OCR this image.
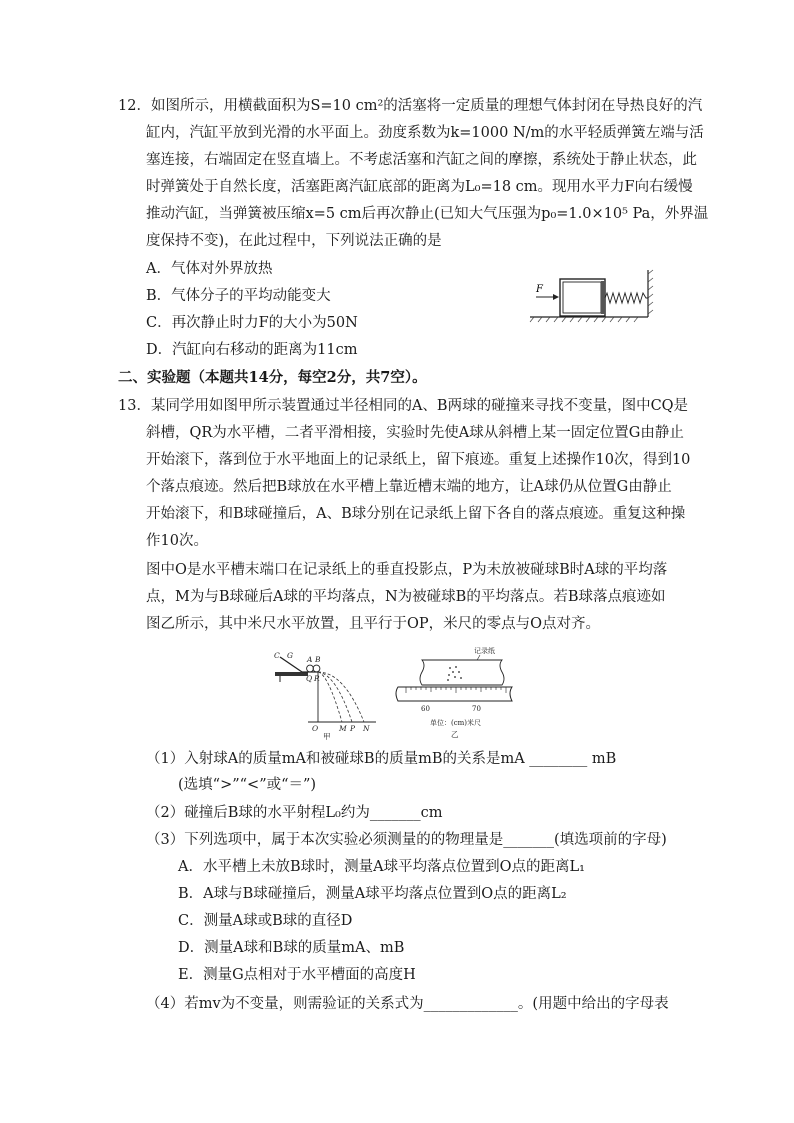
12．如图所示，用横截面积为S=10 cm²的活塞将一定质量的理想气体封闭在导热良好的汽
缸内，汽缸平放到光滑的水平面上。劲度系数为k=1000 N/m的水平轻质弹簧左端与活
塞连接，右端固定在竖直墙上。不考虑活塞和汽缸之间的摩擦，系统处于静止状态，此
时弹簧处于自然长度，活塞距离汽缸底部的距离为L₀=18 cm。现用水平力F向右缓慢
推动汽缸，当弹簧被压缩x=5 cm后再次静止(已知大气压强为p₀=1.0×10⁵ Pa，外界温
度保持不变)，在此过程中，下列说法正确的是
A．气体对外界放热
B．气体分子的平均动能变大
C．再次静止时力F的大小为50N
D．汽缸向右移动的距离为11cm
F
二、实验题（本题共14分，每空2分，共7空）。
13．某同学用如图甲所示装置通过半径相同的A、B两球的碰撞来寻找不变量，图中CQ是
斜槽，QR为水平槽，二者平滑相接，实验时先使A球从斜槽上某一固定位置G由静止
开始滚下，落到位于水平地面上的记录纸上，留下痕迹。重复上述操作10次，得到10
个落点痕迹。然后把B球放在水平槽上靠近槽末端的地方，让A球仍从位置G由静止
开始滚下，和B球碰撞后，A、B球分别在记录纸上留下各自的落点痕迹。重复这种操
作10次。
图中O是水平槽末端口在记录纸上的垂直投影点，P为未放被碰球B时A球的平均落
点，M为与B球碰后A球的平均落点，N为被碰球B的平均落点。若B球落点痕迹如
图乙所示，其中米尺水平放置，且平行于OP，米尺的零点与O点对齐。
C G A B
Q R
O	M P N
甲
记录纸
60	70
单位：(cm)米尺
乙
（1）入射球A的质量mA和被碰球B的质量mB的关系是mA ________ mB
(选填“>”“<”或“＝”)
（2）碰撞后B球的水平射程L₀约为_______cm
（3）下列选项中，属于本次实验必须测量的的物理量是_______(填选项前的字母)
A．水平槽上未放B球时，测量A球平均落点位置到O点的距离L₁
B．A球与B球碰撞后，测量A球平均落点位置到O点的距离L₂
C．测量A球或B球的直径D
D．测量A球和B球的质量mA、mB
E．测量G点相对于水平槽面的高度H
（4）若mv为不变量，则需验证的关系式为_____________。(用题中给出的字母表
